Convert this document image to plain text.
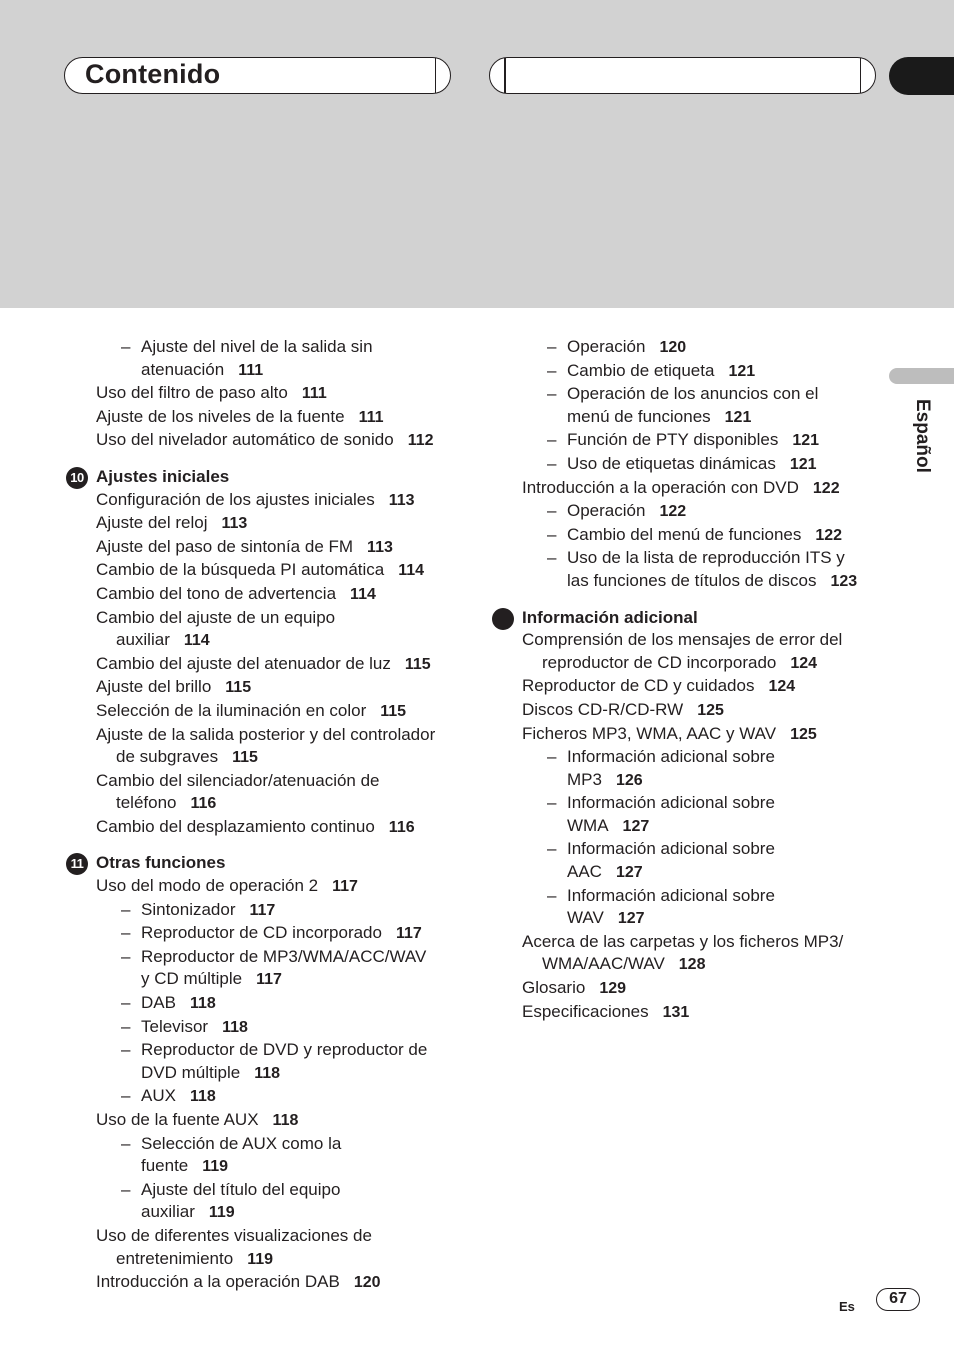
Contenido
Español
– Ajuste del nivel de la salida sin
atenuación 111
Uso del filtro de paso alto 111
Ajuste de los niveles de la fuente 111
Uso del nivelador automático de sonido 112
10 Ajustes iniciales
Configuración de los ajustes iniciales 113
Ajuste del reloj 113
Ajuste del paso de sintonía de FM 113
Cambio de la búsqueda PI automática 114
Cambio del tono de advertencia 114
Cambio del ajuste de un equipo
auxiliar 114
Cambio del ajuste del atenuador de luz 115
Ajuste del brillo 115
Selección de la iluminación en color 115
Ajuste de la salida posterior y del controlador
de subgraves 115
Cambio del silenciador/atenuación de
teléfono 116
Cambio del desplazamiento continuo 116
11 Otras funciones
Uso del modo de operación 2 117
– Sintonizador 117
– Reproductor de CD incorporado 117
– Reproductor de MP3/WMA/ACC/WAV
y CD múltiple 117
– DAB 118
– Televisor 118
– Reproductor de DVD y reproductor de
DVD múltiple 118
– AUX 118
Uso de la fuente AUX 118
– Selección de AUX como la
fuente 119
– Ajuste del título del equipo
auxiliar 119
Uso de diferentes visualizaciones de
entretenimiento 119
Introducción a la operación DAB 120
– Operación 120
– Cambio de etiqueta 121
– Operación de los anuncios con el
menú de funciones 121
– Función de PTY disponibles 121
– Uso de etiquetas dinámicas 121
Introducción a la operación con DVD 122
– Operación 122
– Cambio del menú de funciones 122
– Uso de la lista de reproducción ITS y
las funciones de títulos de discos 123
Información adicional
Comprensión de los mensajes de error del
reproductor de CD incorporado 124
Reproductor de CD y cuidados 124
Discos CD-R/CD-RW 125
Ficheros MP3, WMA, AAC y WAV 125
– Información adicional sobre
MP3 126
– Información adicional sobre
WMA 127
– Información adicional sobre
AAC 127
– Información adicional sobre
WAV 127
Acerca de las carpetas y los ficheros MP3/
WMA/AAC/WAV 128
Glosario 129
Especificaciones 131
Es	67
